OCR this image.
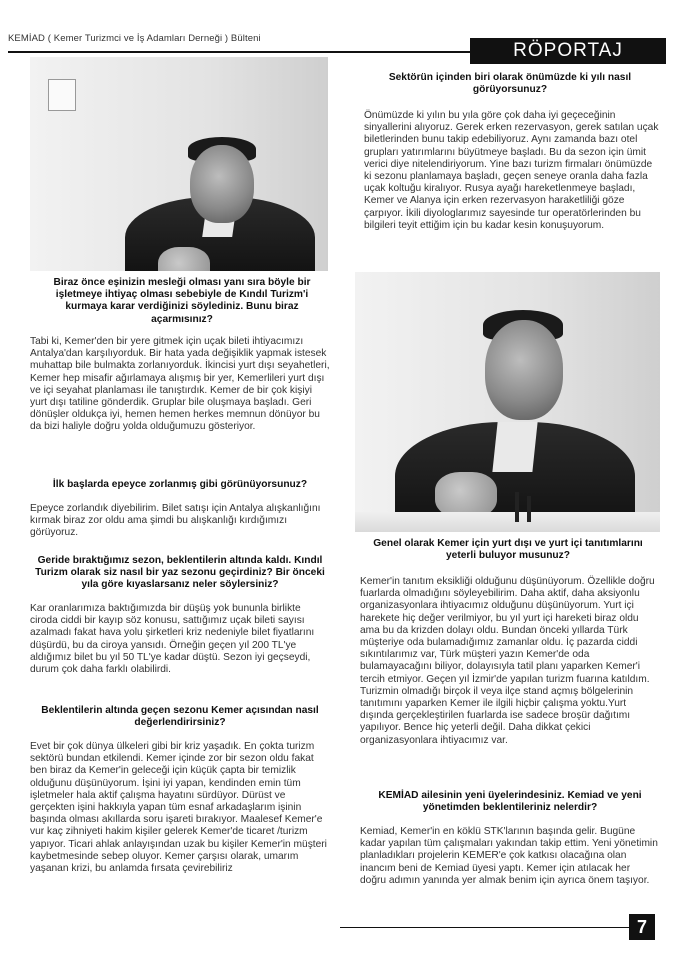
KEMİAD ( Kemer Turizmci ve İş Adamları Derneği ) Bülteni
RÖPORTAJ
Biraz önce eşinizin mesleği olması yanı sıra böyle bir işletmeye ihtiyaç olması sebebiyle de Kındıl Turizm'i kurmaya karar verdiğinizi söylediniz. Bunu biraz açarmısınız?

Tabi ki, Kemer'den bir yere gitmek için uçak bileti ihtiyacımızı Antalya'dan karşılıyorduk. Bir hata yada değişiklik yapmak istesek muhattap bile bulmakta zorlanıyorduk. İkincisi yurt dışı seyahetleri, Kemer hep misafir ağırlamaya alışmış bir yer, Kemerlileri yurt dışı ve içi seyahat planlaması ile tanıştırdık. Kemer de bir çok kişiyi yurt dışı tatiline gönderdik. Gruplar bile oluşmaya başladı. Geri dönüşler oldukça iyi, hemen hemen herkes memnun dönüyor bu da bizi haliyle doğru yolda olduğumuzu gösteriyor.

İlk başlarda epeyce zorlanmış gibi görünüyorsunuz?

Epeyce zorlandık diyebilirim. Bilet satışı için Antalya alışkanlığını kırmak biraz zor oldu ama şimdi bu alışkanlığı kırdığımızı görüyoruz.

Geride bıraktığımız sezon, beklentilerin altında kaldı. Kındıl Turizm olarak siz nasıl bir yaz sezonu geçirdiniz? Bir önceki yıla göre kıyaslarsanız neler söylersiniz?

Kar oranlarımıza baktığımızda bir düşüş yok bununla birlikte ciroda ciddi bir kayıp söz konusu, sattığımız uçak bileti sayısı azalmadı fakat hava yolu şirketleri kriz nedeniyle bilet fiyatlarını düşürdü, bu da ciroya yansıdı. Örneğin geçen yıl 200 TL'ye aldığımız bilet bu yıl 50 TL'ye kadar düştü. Sezon iyi geçseydi, durum çok daha farklı olabilirdi.

Beklentilerin altında geçen sezonu Kemer açısından nasıl değerlendirirsiniz?

Evet bir çok dünya ülkeleri gibi bir kriz yaşadık. En çokta turizm sektörü bundan etkilendi. Kemer içinde zor bir sezon oldu fakat ben biraz da Kemer'in geleceği için küçük çapta bir temizlik olduğunu düşünüyorum. İşini iyi yapan, kendinden emin tüm işletmeler hala aktif çalışma hayatını sürdüyor. Dürüst ve gerçekten işini hakkıyla yapan tüm esnaf arkadaşlarım işinin başında olması akıllarda soru işareti bırakıyor. Maalesef Kemer'e vur kaç zihniyeti hakim kişiler gelerek Kemer'de ticaret /turizm yapıyor. Ticari ahlak anlayışından uzak bu kişiler Kemer'in müşteri kaybetmesinde sebep oluyor. Kemer çarşısı olarak, umarım yaşanan krizi, bu anlamda fırsata çevirebiliriz

Sektörün içinden biri olarak önümüzde ki yılı nasıl görüyorsunuz?

Önümüzde ki yılın bu yıla göre çok daha iyi geçeceğinin sinyallerini alıyoruz. Gerek erken rezervasyon, gerek satılan uçak biletlerinden bunu takip edebiliyoruz. Aynı zamanda bazı otel grupları yatırımlarını büyütmeye başladı. Bu da sezon için ümit verici diye nitelendiriyorum. Yine bazı turizm firmaları önümüzde ki sezonu planlamaya başladı, geçen seneye oranla daha fazla uçak koltuğu kiralıyor. Rusya ayağı hareketlenmeye başladı, Kemer ve Alanya için erken rezervasyon haraketliliği göze çarpıyor. İkili diyologlarımız sayesinde tur operatörlerinden bu bilgileri teyit ettiğim için bu kadar kesin konuşuyorum.

Genel olarak Kemer için yurt dışı ve yurt içi tanıtımlarını yeterli buluyor musunuz?

Kemer'in tanıtım eksikliği olduğunu düşünüyorum. Özellikle doğru fuarlarda olmadığını söyleyebilirim. Daha aktif, daha aksiyonlu organizasyonlara ihtiyacımız olduğunu düşünüyorum. Yurt içi harekete hiç değer verilmiyor, bu yıl yurt içi hareketi biraz oldu ama bu da krizden dolayı oldu. Bundan önceki yıllarda Türk müşteriye oda bulamadığımız zamanlar oldu. İç pazarda ciddi sıkıntılarımız var, Türk müşteri yazın Kemer'de oda bulamayacağını biliyor, dolayısıyla tatil planı yaparken Kemer'i tercih etmiyor. Geçen yıl İzmir'de yapılan turizm fuarına katıldım. Turizmin olmadığı birçok il veya ilçe stand açmış bölgelerinin tanıtımını yaparken Kemer ile ilgili hiçbir çalışma yoktu.Yurt dışında gerçekleştirilen fuarlarda ise sadece broşür dağıtımı yapılıyor. Bence hiç yeterli değil. Daha dikkat çekici organizasyonlara ihtiyacımız var.

KEMİAD ailesinin yeni üyelerindesiniz. Kemiad ve yeni yönetimden beklentileriniz nelerdir?

Kemiad, Kemer'in en köklü STK'larının başında gelir. Bugüne kadar yapılan tüm çalışmaları yakından takip ettim. Yeni yönetimin planladıkları projelerin KEMER'e çok katkısı olacağına olan inancım beni de Kemiad üyesi yaptı. Kemer için atılacak her doğru adımın yanında yer almak benim için ayrıca önem taşıyor.

7
